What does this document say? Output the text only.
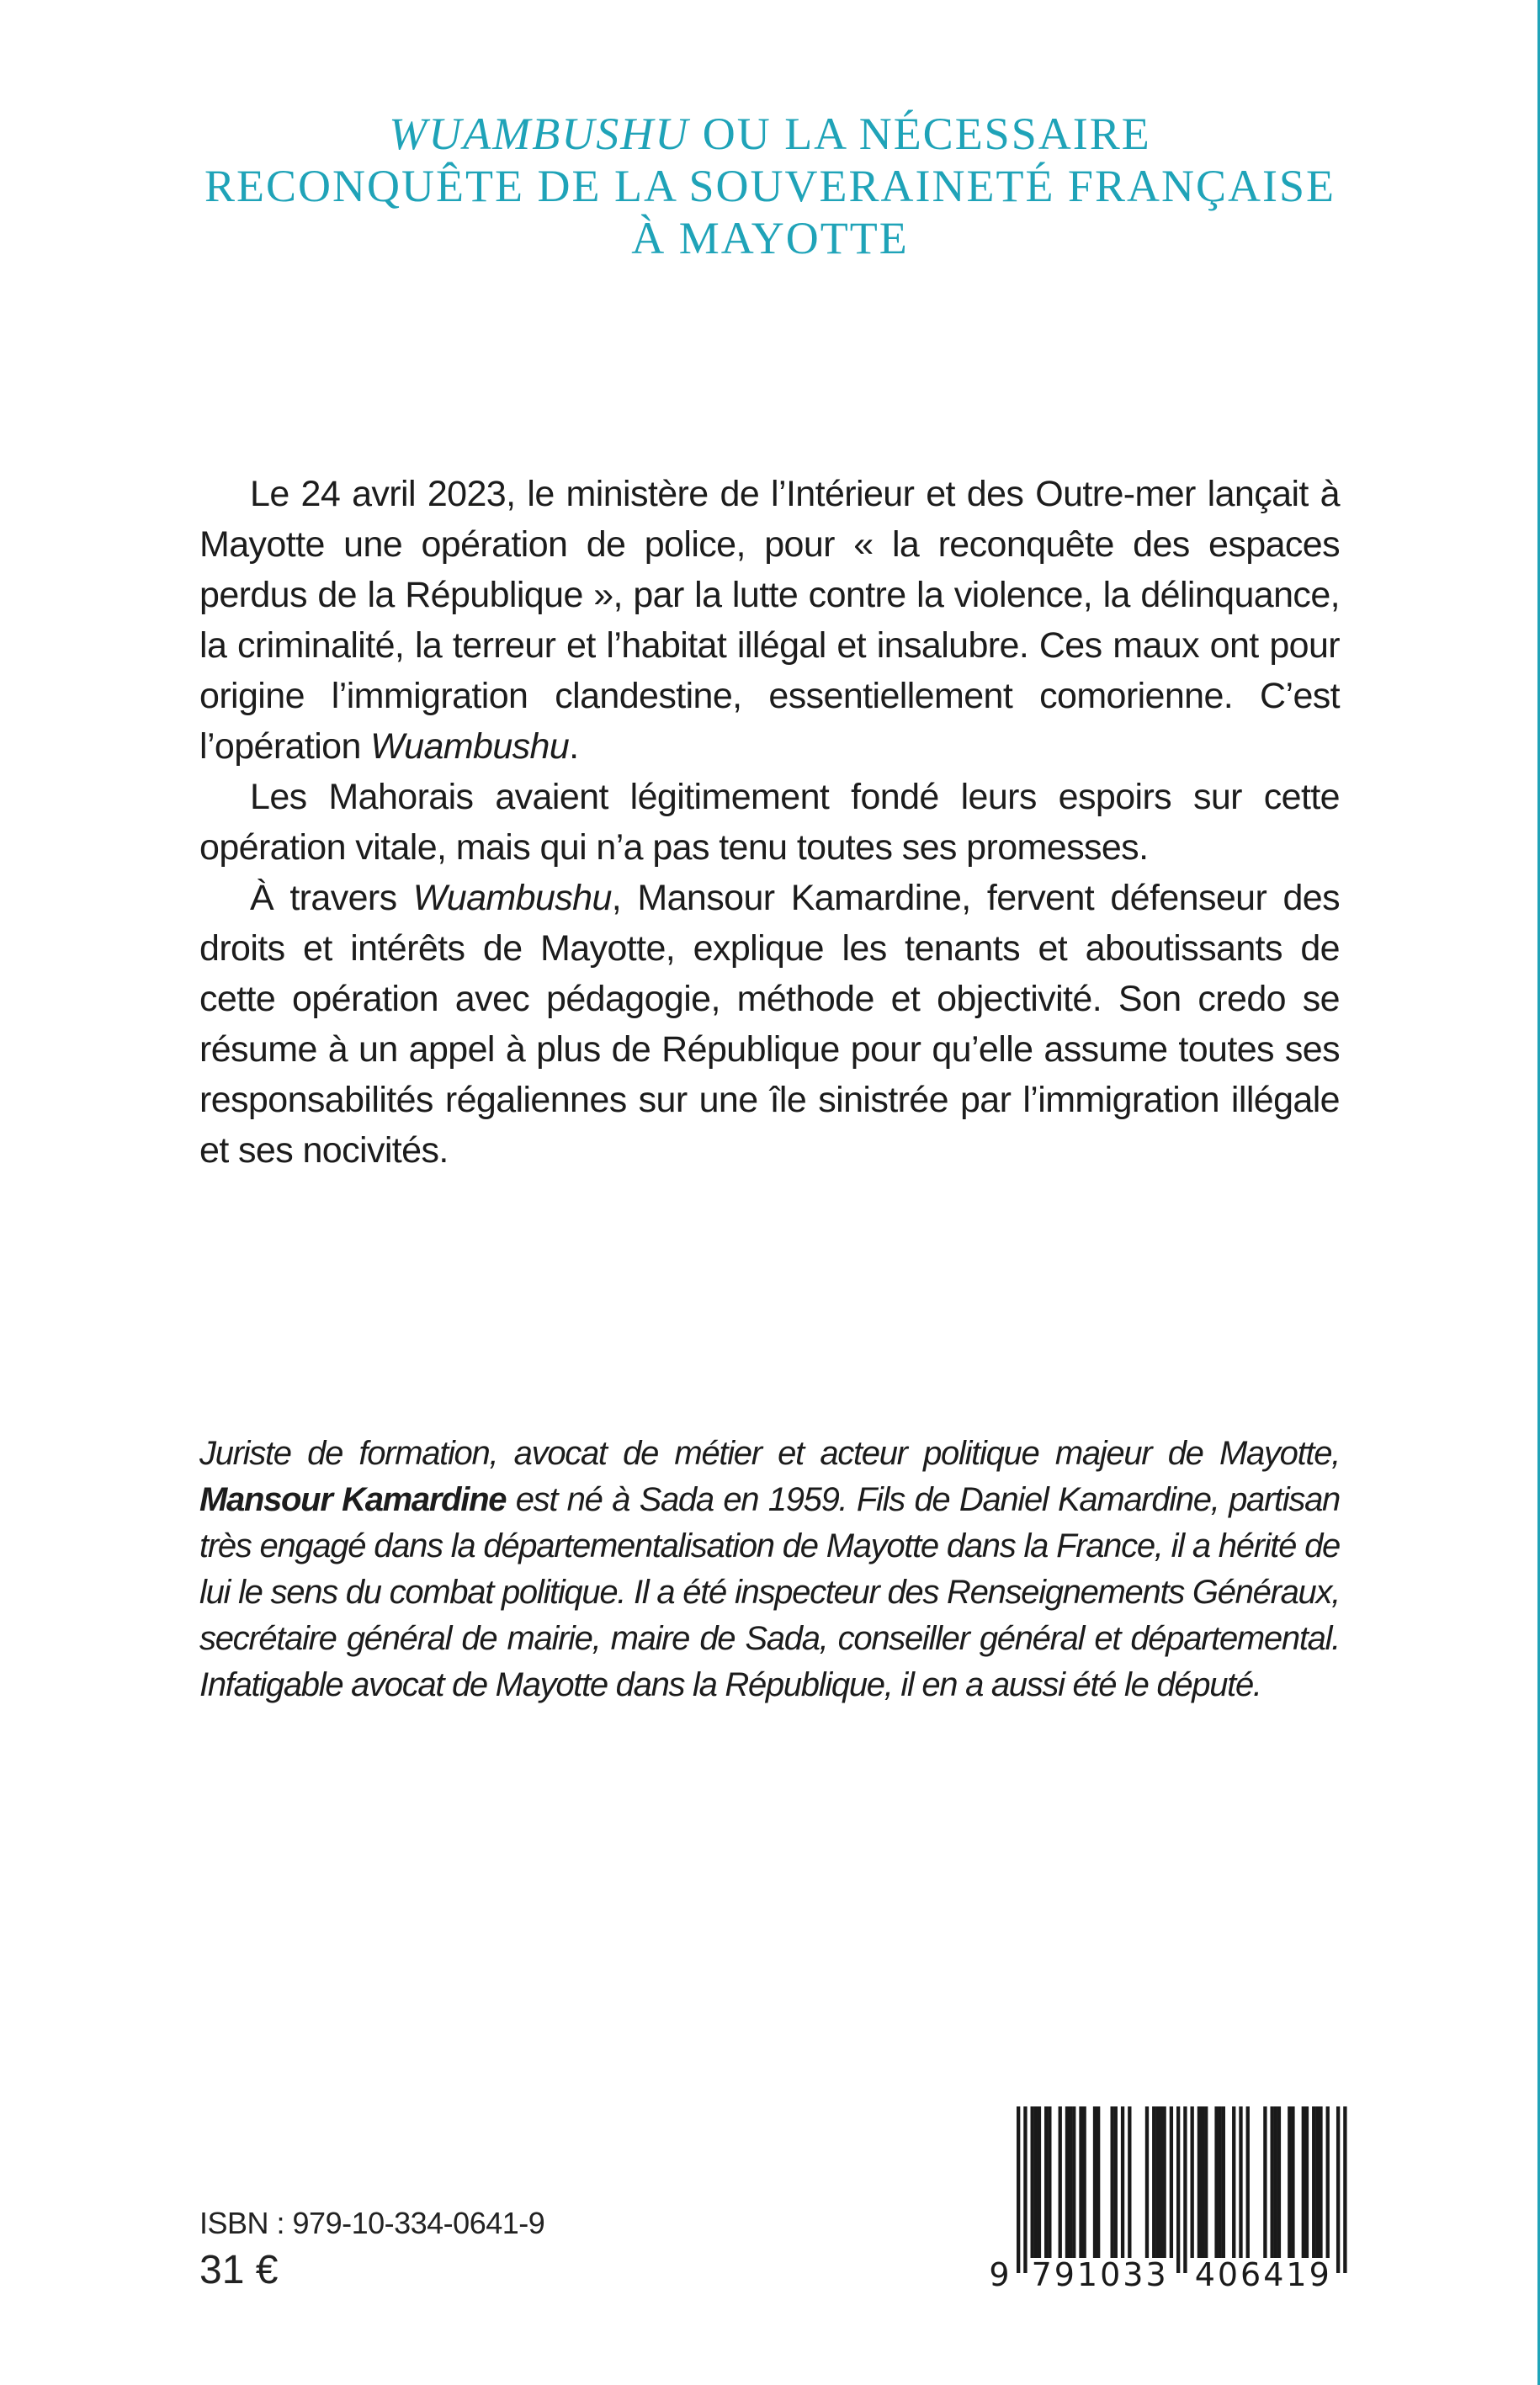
WUAMBUSHU OU LA NÉCESSAIRE
RECONQUÊTE DE LA SOUVERAINETÉ FRANÇAISE
À MAYOTTE

Le 24 avril 2023, le ministère de l’Intérieur et des Outre-mer lançait à Mayotte une opération de police, pour « la reconquête des espaces perdus de la République », par la lutte contre la violence, la délinquance, la criminalité, la terreur et l’habitat illégal et insalubre. Ces maux ont pour origine l’immigration clandestine, essentiellement comorienne. C’est l’opération Wuambushu.

Les Mahorais avaient légitimement fondé leurs espoirs sur cette opération vitale, mais qui n’a pas tenu toutes ses promesses.

À travers Wuambushu, Mansour Kamardine, fervent défenseur des droits et intérêts de Mayotte, explique les tenants et aboutissants de cette opération avec pédagogie, méthode et objectivité. Son credo se résume à un appel à plus de République pour qu’elle assume toutes ses responsabilités régaliennes sur une île sinistrée par l’immigration illégale et ses nocivités.

Juriste de formation, avocat de métier et acteur politique majeur de Mayotte, Mansour Kamardine est né à Sada en 1959. Fils de Daniel Kamardine, partisan très engagé dans la départementalisation de Mayotte dans la France, il a hérité de lui le sens du combat politique. Il a été inspecteur des Renseignements Généraux, secrétaire général de mairie, maire de Sada, conseiller général et départemental. Infatigable avocat de Mayotte dans la République, il en a aussi été le député.

ISBN : 979-10-334-0641-9
31 €	9 791033 406419
